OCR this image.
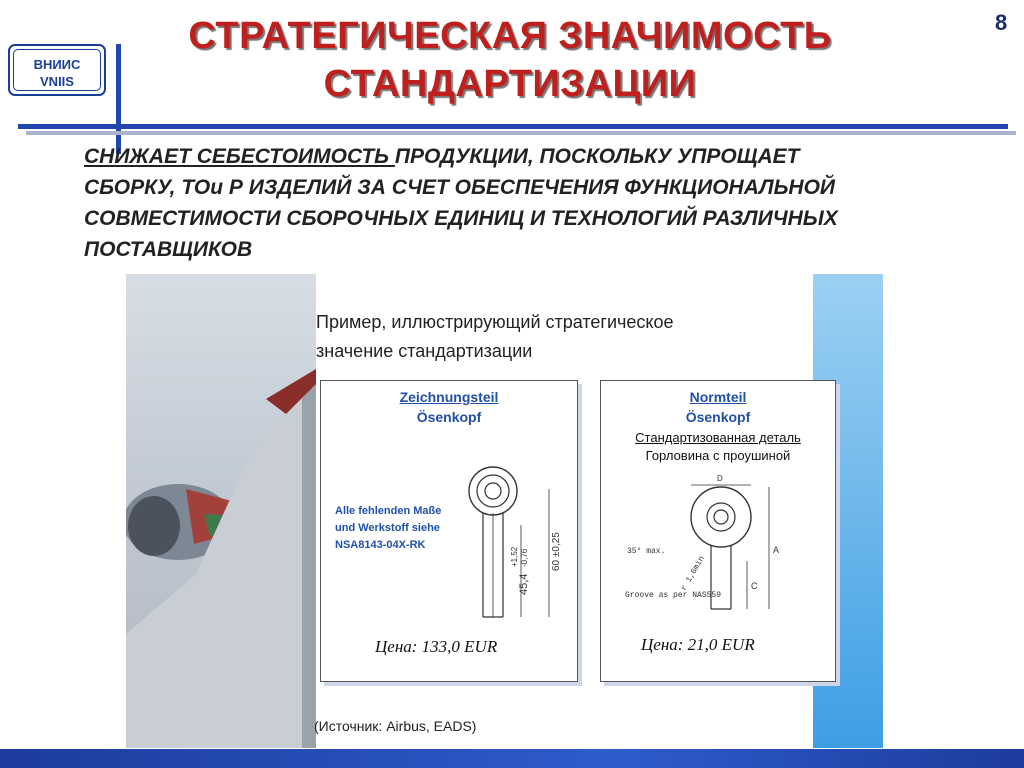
СТРАТЕГИЧЕСКАЯ ЗНАЧИМОСТЬ
СТАНДАРТИЗАЦИИ
8
ВНИИС
VNIIS
СНИЖАЕТ СЕБЕСТОИМОСТЬ ПРОДУКЦИИ, ПОСКОЛЬКУ УПРОЩАЕТ
СБОРКУ, ТОи Р ИЗДЕЛИЙ ЗА СЧЕТ ОБЕСПЕЧЕНИЯ ФУНКЦИОНАЛЬНОЙ
СОВМЕСТИМОСТИ СБОРОЧНЫХ ЕДИНИЦ И ТЕХНОЛОГИЙ РАЗЛИЧНЫХ
ПОСТАВЩИКОВ
Пример, иллюстрирующий стратегическое
значение стандартизации
Zeichnungsteil
Ösenkopf
Alle fehlenden Maße
und Werkstoff siehe
NSA8143-04X-RK
45,4
+1,52 -0,76 60 ±0,25
Цена: 133,0 EUR
Normteil
Ösenkopf
Стандартизованная деталь
Горловина с проушиной
D
35° max.
r 1,6min
Groove as per NAS559
A
C
Цена: 21,0 EUR
(Источник: Airbus, EADS)
